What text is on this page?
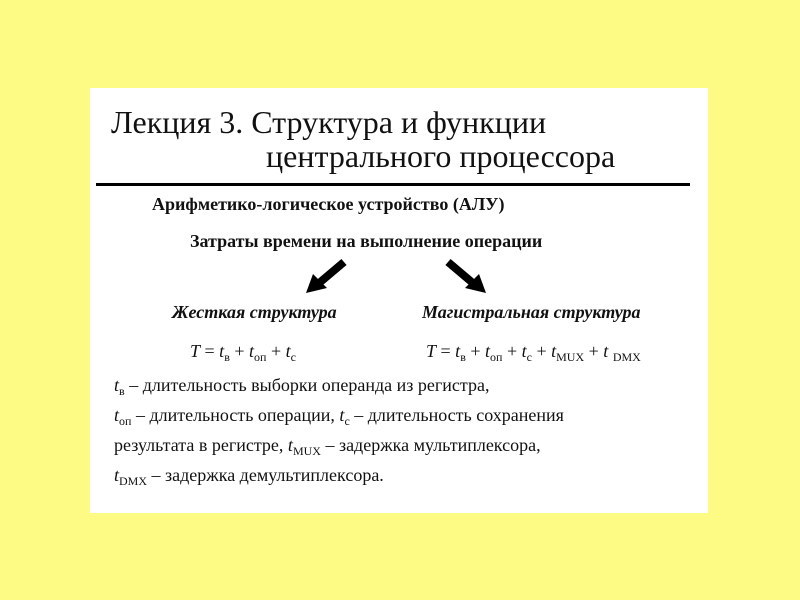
Лекция 3. Структура и функции
центрального процессора
Арифметико-логическое устройство (АЛУ)
Затраты времени на выполнение операции
Жесткая структура	Магистральная структура
$T = t_в + t_{оп} + t_с$	$T = t_в + t_{оп} + t_с + t_{MUX} + t$ $_{DMX}$
$t_в$ – длительность выборки операнда из регистра,
$t_{оп}$ – длительность операции, $t_с$ – длительность сохранения
результата в регистре, $t_{MUX}$ – задержка мультиплексора,
$t_{DMX}$ – задержка демультиплексора.
